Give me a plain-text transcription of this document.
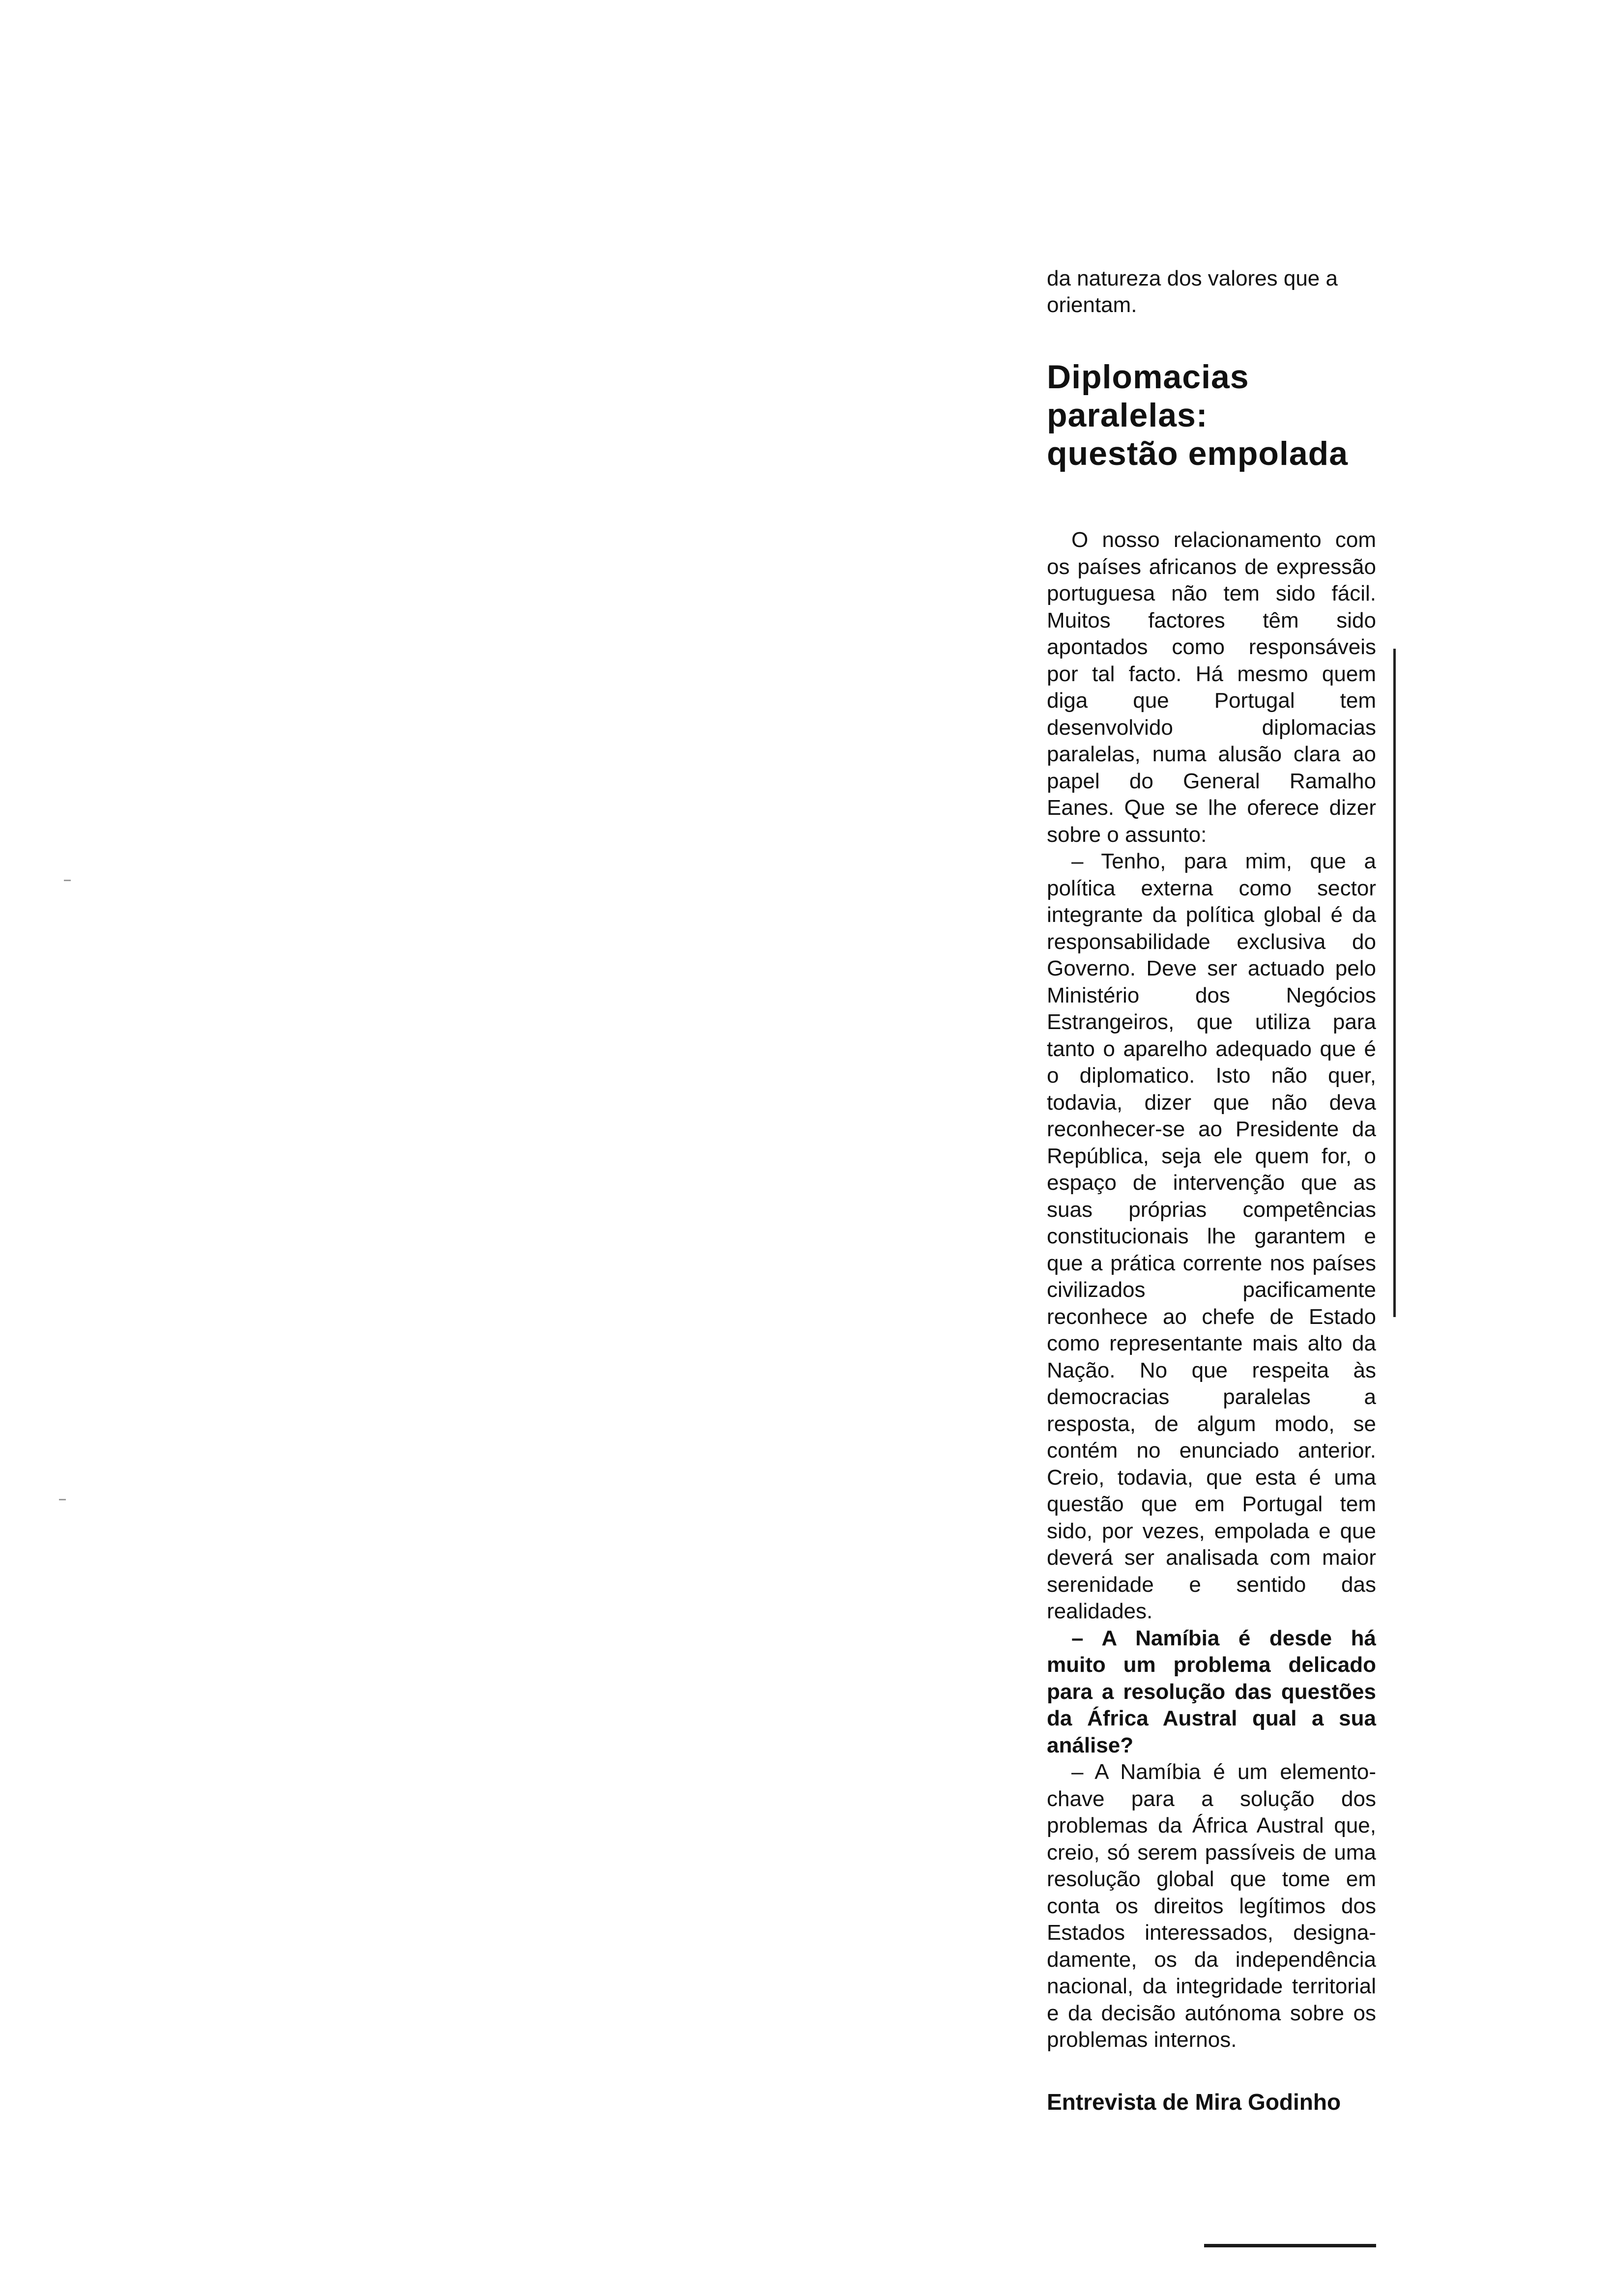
da natureza dos valores que a orientam.

Diplomacias
paralelas:
questão empolada

O nosso relacionamento com os países africanos de expressão portuguesa não tem sido fácil. Muitos factores têm sido apontados como responsáveis por tal facto. Há mesmo quem diga que Portugal tem desenvolvido diplomacias paralelas, numa alusão clara ao papel do General Ramalho Eanes. Que se lhe oferece dizer sobre o assunto:

– Tenho, para mim, que a política externa como sector integrante da política global é da responsabilidade exclusiva do Governo. Deve ser actuado pelo Ministério dos Negócios Estrangeiros, que utiliza para tanto o aparelho adequado que é o diplomatico. Isto não quer, todavia, dizer que não deva reconhecer-se ao Presidente da República, seja ele quem for, o espaço de intervenção que as suas próprias competências constitucionais lhe garantem e que a prática corrente nos países civilizados pacificamente reconhece ao chefe de Estado como representante mais alto da Nação. No que respeita às democracias paralelas a resposta, de algum modo, se contém no enunciado anterior. Creio, todavia, que esta é uma questão que em Portugal tem sido, por vezes, empolada e que deverá ser analisada com maior serenidade e sentido das realidades.

– A Namíbia é desde há muito um problema delicado para a resolução das questões da África Austral qual a sua análise?

– A Namíbia é um elemento-chave para a solução dos problemas da África Austral que, creio, só serem passíveis de uma resolução global que tome em conta os direitos legítimos dos Estados interessados, designadamente, os da independência nacional, da integridade territorial e da decisão autónoma sobre os problemas internos.

Entrevista de Mira Godinho
